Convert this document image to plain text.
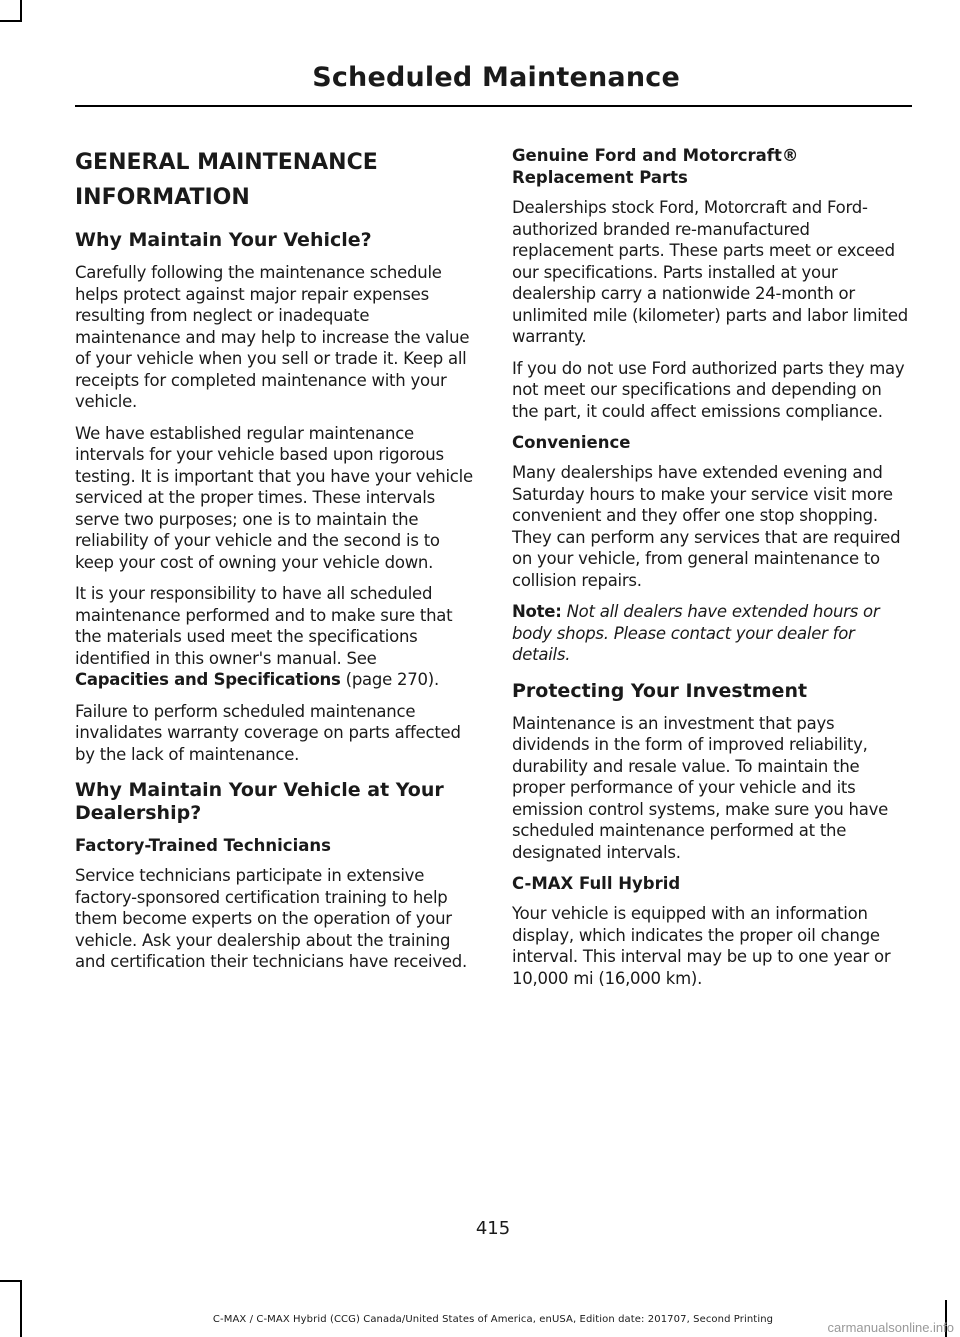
Scheduled Maintenance
GENERAL MAINTENANCE
INFORMATION
Why Maintain Your Vehicle?

Carefully following the maintenance schedule helps protect against major repair expenses resulting from neglect or inadequate maintenance and may help to increase the value of your vehicle when you sell or trade it. Keep all receipts for completed maintenance with your vehicle.

We have established regular maintenance intervals for your vehicle based upon rigorous testing. It is important that you have your vehicle serviced at the proper times. These intervals serve two purposes; one is to maintain the reliability of your vehicle and the second is to keep your cost of owning your vehicle down.

It is your responsibility to have all scheduled maintenance performed and to make sure that the materials used meet the specifications identified in this owner's manual. See Capacities and Specifications (page 270).

Failure to perform scheduled maintenance invalidates warranty coverage on parts affected by the lack of maintenance.

Why Maintain Your Vehicle at Your Dealership?
Factory-Trained Technicians

Service technicians participate in extensive factory-sponsored certification training to help them become experts on the operation of your vehicle. Ask your dealership about the training and certification their technicians have received.

Genuine Ford and Motorcraft® Replacement Parts

Dealerships stock Ford, Motorcraft and Ford-authorized branded re-manufactured replacement parts. These parts meet or exceed our specifications. Parts installed at your dealership carry a nationwide 24-month or unlimited mile (kilometer) parts and labor limited warranty.

If you do not use Ford authorized parts they may not meet our specifications and depending on the part, it could affect emissions compliance.

Convenience

Many dealerships have extended evening and Saturday hours to make your service visit more convenient and they offer one stop shopping. They can perform any services that are required on your vehicle, from general maintenance to collision repairs.

Note: Not all dealers have extended hours or body shops. Please contact your dealer for details.

Protecting Your Investment

Maintenance is an investment that pays dividends in the form of improved reliability, durability and resale value. To maintain the proper performance of your vehicle and its emission control systems, make sure you have scheduled maintenance performed at the designated intervals.

C-MAX Full Hybrid

Your vehicle is equipped with an information display, which indicates the proper oil change interval. This interval may be up to one year or 10,000 mi (16,000 km).

415
C-MAX / C-MAX Hybrid (CCG) Canada/United States of America, enUSA, Edition date: 201707, Second Printing
carmanualsonline.info
